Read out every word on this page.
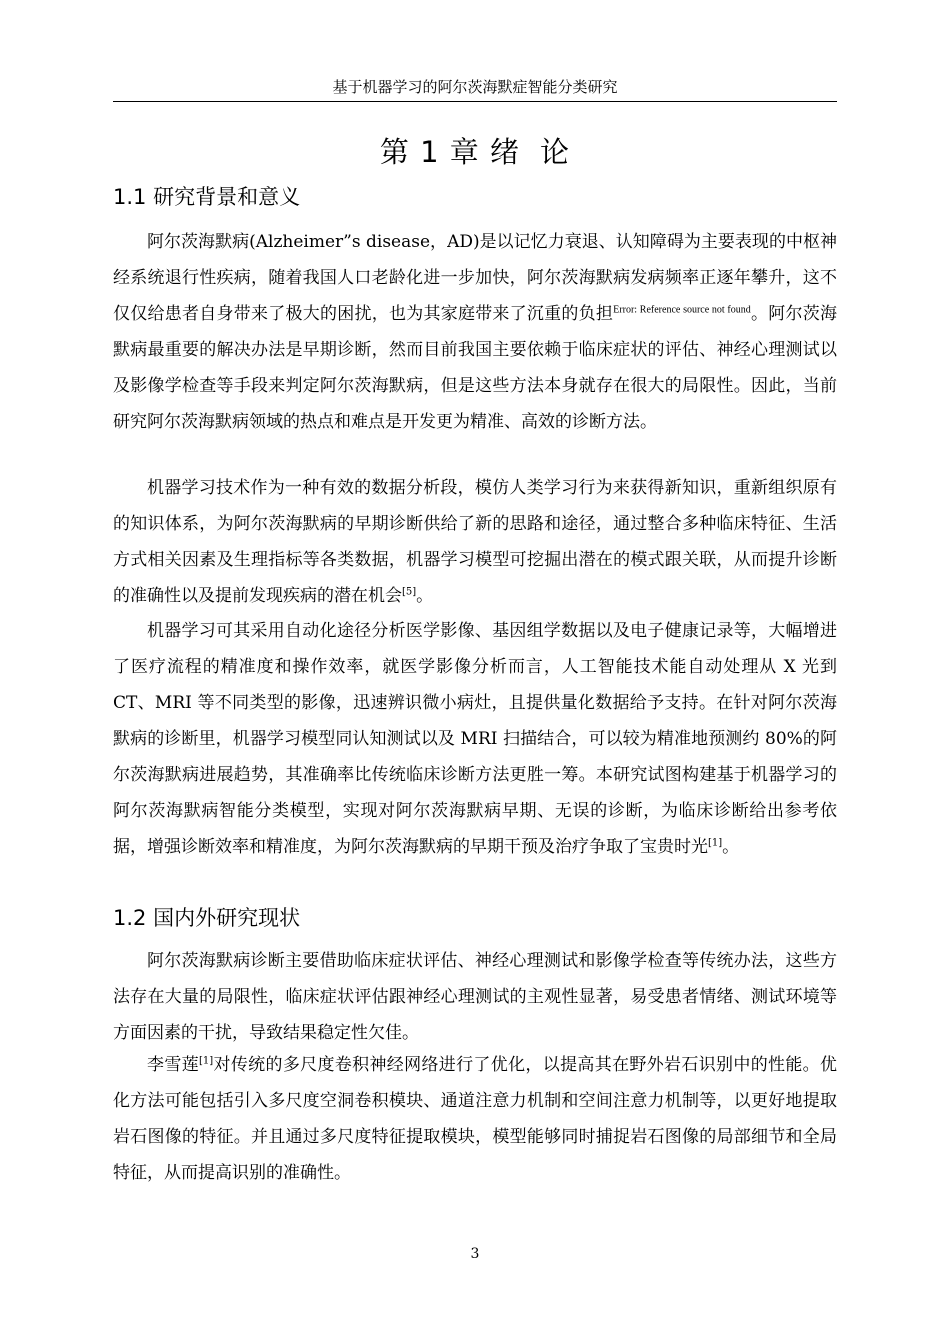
基于机器学习的阿尔茨海默症智能分类研究
第 1 章 绪 论
1.1 研究背景和意义

阿尔茨海默病(Alzheimer”s disease，AD)是以记忆力衰退、认知障碍为主要表现的中枢神经系统退行性疾病，随着我国人口老龄化进一步加快，阿尔茨海默病发病频率正逐年攀升，这不仅仅给患者自身带来了极大的困扰，也为其家庭带来了沉重的负担$^{Error: Reference source not found}$。阿尔茨海默病最重要的解决办法是早期诊断，然而目前我国主要依赖于临床症状的评估、神经心理测试以及影像学检查等手段来判定阿尔茨海默病，但是这些方法本身就存在很大的局限性。因此，当前研究阿尔茨海默病领域的热点和难点是开发更为精准、高效的诊断方法。

机器学习技术作为一种有效的数据分析段，模仿人类学习行为来获得新知识，重新组织原有的知识体系，为阿尔茨海默病的早期诊断供给了新的思路和途径，通过整合多种临床特征、生活方式相关因素及生理指标等各类数据，机器学习模型可挖掘出潜在的模式跟关联，从而提升诊断的准确性以及提前发现疾病的潜在机会[5]。

机器学习可其采用自动化途径分析医学影像、基因组学数据以及电子健康记录等，大幅增进了医疗流程的精准度和操作效率，就医学影像分析而言，人工智能技术能自动处理从 X 光到 CT、MRI 等不同类型的影像，迅速辨识微小病灶，且提供量化数据给予支持。在针对阿尔茨海默病的诊断里，机器学习模型同认知测试以及 MRI 扫描结合，可以较为精准地预测约 80%的阿尔茨海默病进展趋势，其准确率比传统临床诊断方法更胜一筹。本研究试图构建基于机器学习的阿尔茨海默病智能分类模型，实现对阿尔茨海默病早期、无误的诊断，为临床诊断给出参考依据，增强诊断效率和精准度，为阿尔茨海默病的早期干预及治疗争取了宝贵时光[1]。

1.2 国内外研究现状

阿尔茨海默病诊断主要借助临床症状评估、神经心理测试和影像学检查等传统办法，这些方法存在大量的局限性，临床症状评估跟神经心理测试的主观性显著，易受患者情绪、测试环境等方面因素的干扰，导致结果稳定性欠佳。

李雪莲[1]对传统的多尺度卷积神经网络进行了优化，以提高其在野外岩石识别中的性能。优化方法可能包括引入多尺度空洞卷积模块、通道注意力机制和空间注意力机制等，以更好地提取岩石图像的特征。并且通过多尺度特征提取模块，模型能够同时捕捉岩石图像的局部细节和全局特征，从而提高识别的准确性。

3
